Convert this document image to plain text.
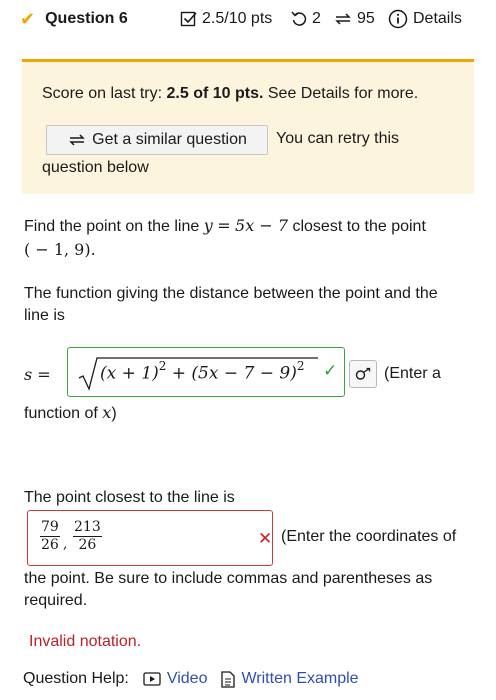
✔ Question 6	2.5/10 pts 2 95 Details
Score on last try: 2.5 of 10 pts. See Details for more.
Get a similar question You can retry this
question below
Find the point on the line y = 5x − 7 closest to the point
( − 1, 9).
The function giving the distance between the point and the
line is
s =	$(x + 1)^2 + (5x - 7 - 9)^2$ ✓	(Enter a
function of x)
The point closest to the line is
79
26 ,
213
26	✕ (Enter the coordinates of
the point. Be sure to include commas and parentheses as
required.
Invalid notation.
Question Help: Video Written Example
